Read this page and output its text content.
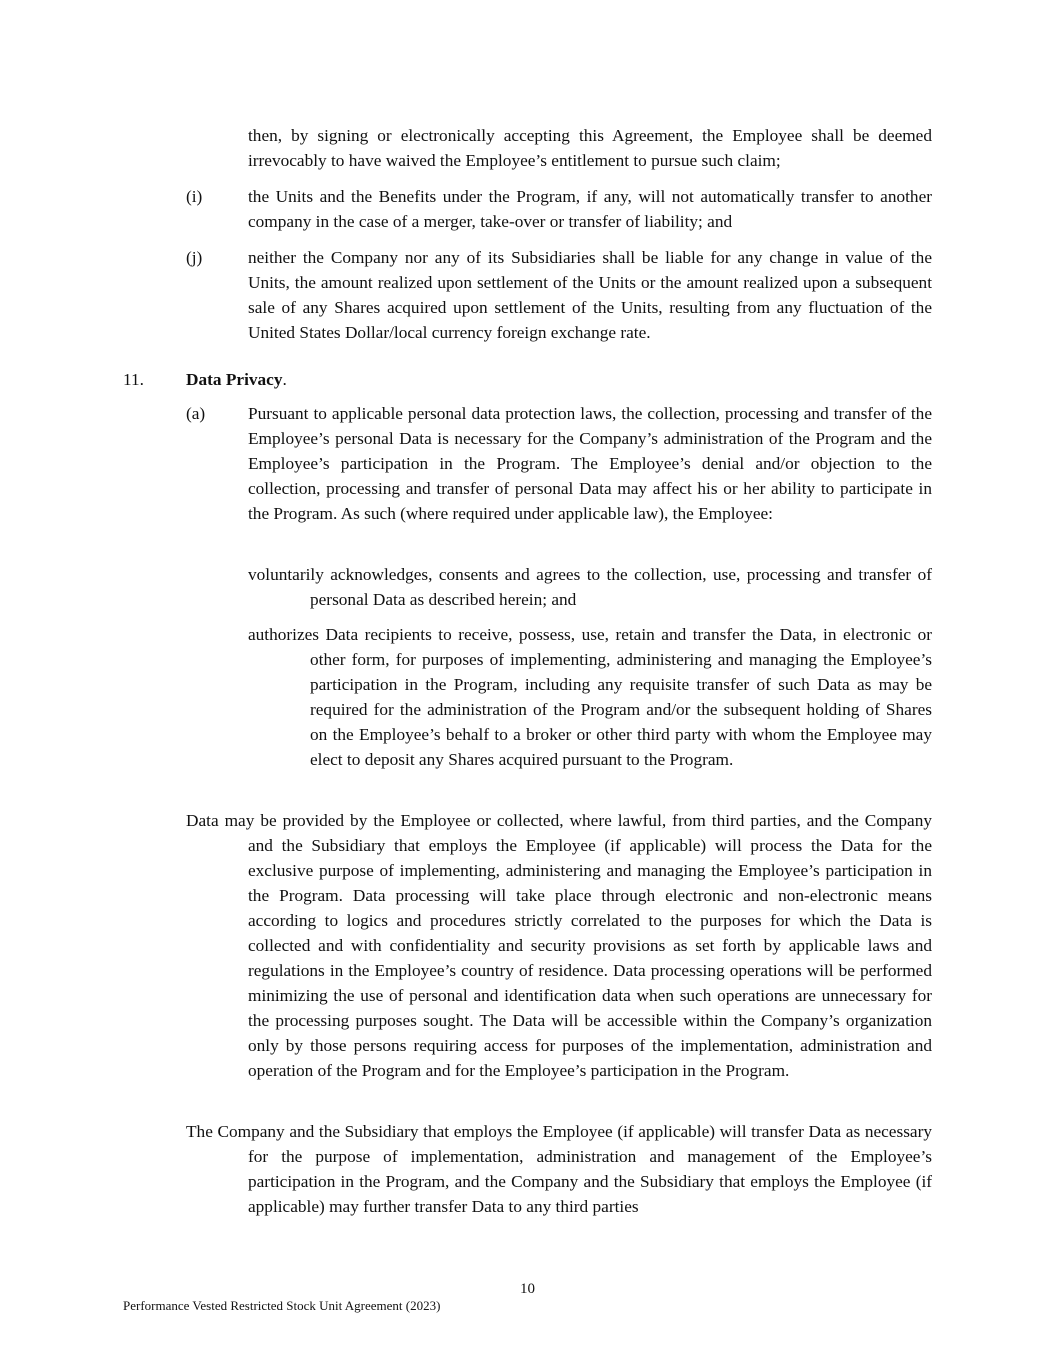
then, by signing or electronically accepting this Agreement, the Employee shall be deemed irrevocably to have waived the Employee’s entitlement to pursue such claim;
(i)	the Units and the Benefits under the Program, if any, will not automatically transfer to another company in the case of a merger, take-over or transfer of liability; and
(j)	neither the Company nor any of its Subsidiaries shall be liable for any change in value of the Units, the amount realized upon settlement of the Units or the amount realized upon a subsequent sale of any Shares acquired upon settlement of the Units, resulting from any fluctuation of the United States Dollar/local currency foreign exchange rate.
11. Data Privacy.
(a) Pursuant to applicable personal data protection laws, the collection, processing and transfer of the Employee’s personal Data is necessary for the Company’s administration of the Program and the Employee’s participation in the Program. The Employee’s denial and/or objection to the collection, processing and transfer of personal Data may affect his or her ability to participate in the Program. As such (where required under applicable law), the Employee:
voluntarily acknowledges, consents and agrees to the collection, use, processing and transfer of personal Data as described herein; and
authorizes Data recipients to receive, possess, use, retain and transfer the Data, in electronic or other form, for purposes of implementing, administering and managing the Employee’s participation in the Program, including any requisite transfer of such Data as may be required for the administration of the Program and/or the subsequent holding of Shares on the Employee’s behalf to a broker or other third party with whom the Employee may elect to deposit any Shares acquired pursuant to the Program.
Data may be provided by the Employee or collected, where lawful, from third parties, and the Company and the Subsidiary that employs the Employee (if applicable) will process the Data for the exclusive purpose of implementing, administering and managing the Employee’s participation in the Program. Data processing will take place through electronic and non-electronic means according to logics and procedures strictly correlated to the purposes for which the Data is collected and with confidentiality and security provisions as set forth by applicable laws and regulations in the Employee’s country of residence. Data processing operations will be performed minimizing the use of personal and identification data when such operations are unnecessary for the processing purposes sought. The Data will be accessible within the Company’s organization only by those persons requiring access for purposes of the implementation, administration and operation of the Program and for the Employee’s participation in the Program.
The Company and the Subsidiary that employs the Employee (if applicable) will transfer Data as necessary for the purpose of implementation, administration and management of the Employee’s participation in the Program, and the Company and the Subsidiary that employs the Employee (if applicable) may further transfer Data to any third parties
10
Performance Vested Restricted Stock Unit Agreement (2023)
